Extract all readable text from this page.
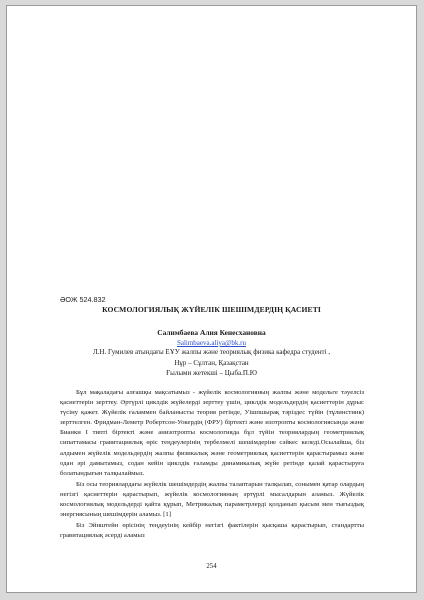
ӘОЖ 524.832
КОСМОЛОГИЯЛЫҚ ЖҮЙЕЛІК ШЕШІМДЕРДІҢ ҚАСИЕТІ
Салимбаева Алия Кенесхановна
Salimbaeva.aliya@bk.ru
Л.Н. Гумилев атындағы ЕҰУ жалпы және теориялық физика кафедра студенті ,
Нұр – Сұлтан, Қазақстан
Ғылыми жетекші – Цыба.П.Ю

Бұл мақаладағы алғашқы мақсатымыз - жүйелік космологияның жалпы және модельге тәуелсіз қасиеттерін зерттеу. Әртүрлі циклдік жүйелерді зерттеу үшін, циклдік модельдердің қасиеттерін дұрыс түсіну қажет. Жүйелік ғаламмен байланысты теория ретінде, Уішпшырақ тәріздес түйін (тұлинстинк) зерттелген. Фридман-Леметр Робертсон-Уокердің (ФРУ) біртекті және изотропты космологиясында және Бианки I типті біртекті және анизотропты космологияда бұл түйін теориялардың геометриялық сипаттамасы гравитациялық өріс теңдеулерінің тербелмелі шешімдеріне сәйкес келеді.Осылайша, біз алдымен жүйелік модельдердің жалпы физикалық және геометриялық қасиеттерін қарастырамыз және одан әрі дамытамыз, содан кейін циклдік ғаламды динамикалық жүйе ретінде қалай қарастыруға болатындығын талқылаймыз.

Біз осы теориялардағы жүйелік шешімдердің жалпы талаптарын талқылап, сонымен қатар олардың негізгі қасиеттерін қарастырып, жүйелік космологияның әртүрлі мысалдарын аламыз. Жүйелік космологиялық модельдерді қайта құрып, Метрикалық параметрлерді қолданып қысым мен тығыздық энергиясының шешімдерін аламыз. [1]

Біз Эйнштейн өрісінің теңдеуінің кейбір негізгі фактілерін қысқаша қарастырып, стандартты гравитациялық әсерді аламыз

254
